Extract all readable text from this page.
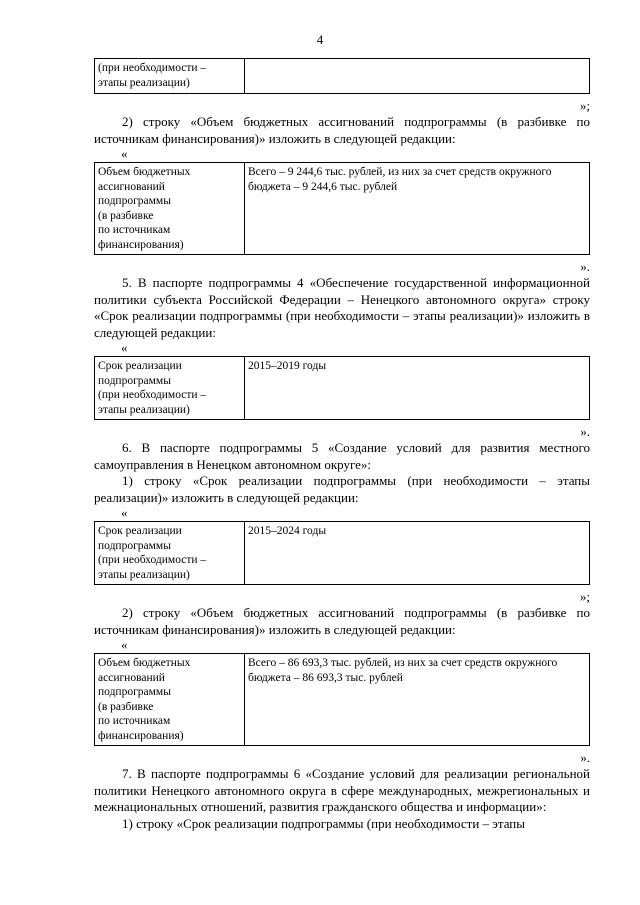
4
(при необходимости –
этапы реализации)	
»;

2) строку «Объем бюджетных ассигнований подпрограммы (в разбивке по источникам финансирования)» изложить в следующей редакции:

«
Объем бюджетных
ассигнований
подпрограммы
(в разбивке
по источникам
финансирования)	Всего – 9 244,6 тыс. рублей, из них за счет средств окружного бюджета – 9 244,6 тыс. рублей
».

5. В паспорте подпрограммы 4 «Обеспечение государственной информационной политики субъекта Российской Федерации – Ненецкого автономного округа» строку «Срок реализации подпрограммы (при необходимости – этапы реализации)» изложить в следующей редакции:

«
Срок реализации
подпрограммы
(при необходимости –
этапы реализации)	2015–2019 годы
».

6. В паспорте подпрограммы 5 «Создание условий для развития местного самоуправления в Ненецком автономном округе»:

1) строку «Срок реализации подпрограммы (при необходимости – этапы реализации)» изложить в следующей редакции:

«
Срок реализации
подпрограммы
(при необходимости –
этапы реализации)	2015–2024 годы
»;

2) строку «Объем бюджетных ассигнований подпрограммы (в разбивке по источникам финансирования)» изложить в следующей редакции:

«
Объем бюджетных
ассигнований
подпрограммы
(в разбивке
по источникам
финансирования)	Всего – 86 693,3 тыс. рублей, из них за счет средств окружного бюджета – 86 693,3 тыс. рублей
».

7. В паспорте подпрограммы 6 «Создание условий для реализации региональной политики Ненецкого автономного округа в сфере международных, межрегиональных и межнациональных отношений, развития гражданского общества и информации»:

1) строку «Срок реализации подпрограммы (при необходимости – этапы
